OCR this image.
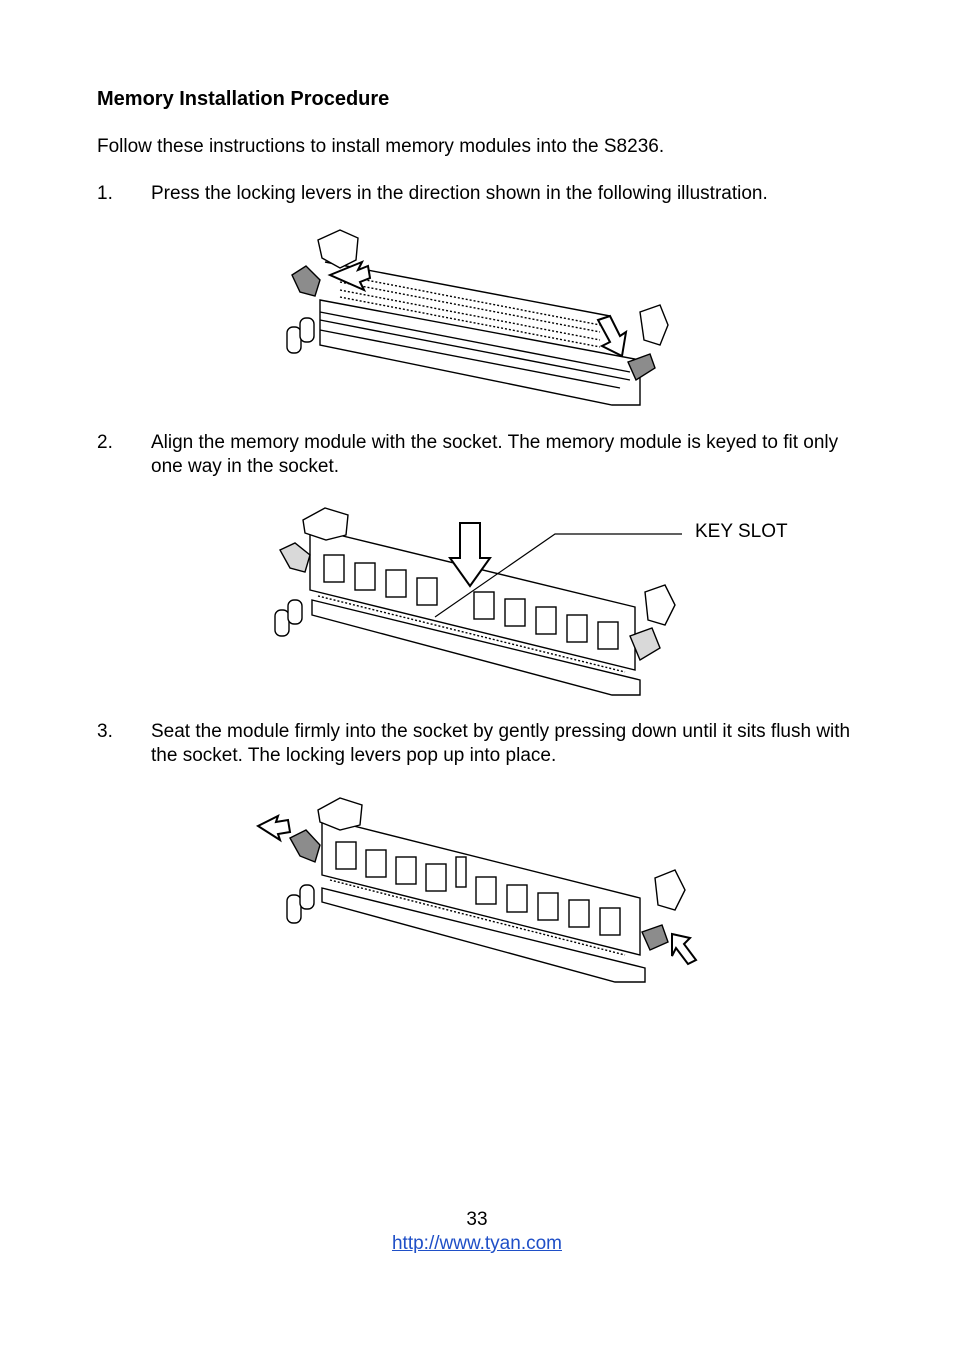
Memory Installation Procedure

Follow these instructions to install memory modules into the S8236.

1. Press the locking levers in the direction shown in the following illustration.

2. Align the memory module with the socket. The memory module is keyed to fit only one way in the socket.

KEY SLOT
3. Seat the module firmly into the socket by gently pressing down until it sits flush with the socket. The locking levers pop up into place.

33
http://www.tyan.com
